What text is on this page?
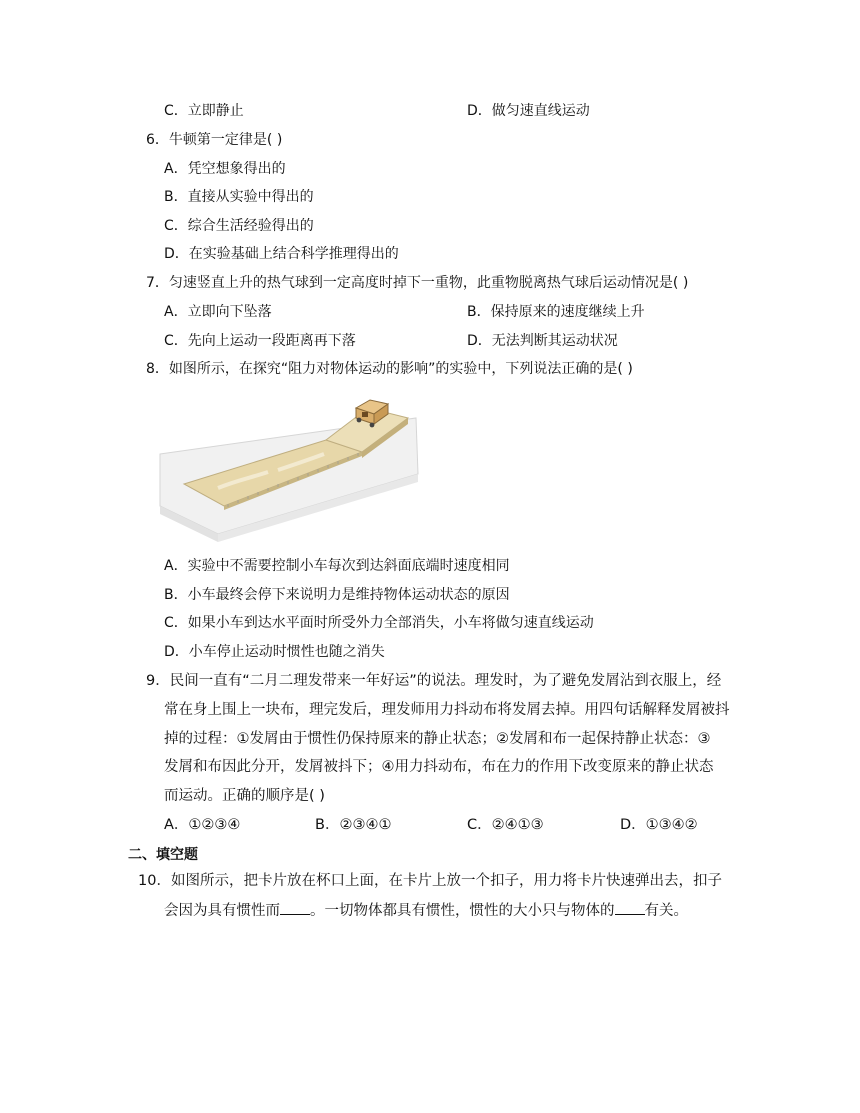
C．立即静止	D．做匀速直线运动
6．牛顿第一定律是( )
A．凭空想象得出的
B．直接从实验中得出的
C．综合生活经验得出的
D．在实验基础上结合科学推理得出的
7．匀速竖直上升的热气球到一定高度时掉下一重物，此重物脱离热气球后运动情况是( )
A．立即向下坠落	B．保持原来的速度继续上升
C．先向上运动一段距离再下落	D．无法判断其运动状况
8．如图所示，在探究“阻力对物体运动的影响”的实验中，下列说法正确的是( )
A．实验中不需要控制小车每次到达斜面底端时速度相同
B．小车最终会停下来说明力是维持物体运动状态的原因
C．如果小车到达水平面时所受外力全部消失，小车将做匀速直线运动
D．小车停止运动时惯性也随之消失
9．民间一直有“二月二理发带来一年好运”的说法。理发时，为了避免发屑沾到衣服上，经
常在身上围上一块布，理完发后，理发师用力抖动布将发屑去掉。用四句话解释发屑被抖
掉的过程：①发屑由于惯性仍保持原来的静止状态；②发屑和布一起保持静止状态：③
发屑和布因此分开，发屑被抖下；④用力抖动布，布在力的作用下改变原来的静止状态
而运动。正确的顺序是( )
A．①②③④	B．②③④①	C．②④①③	D．①③④②
二、填空题
10．如图所示，把卡片放在杯口上面，在卡片上放一个扣子，用力将卡片快速弹出去，扣子
会因为具有惯性而 。一切物体都具有惯性，惯性的大小只与物体的 有关。
